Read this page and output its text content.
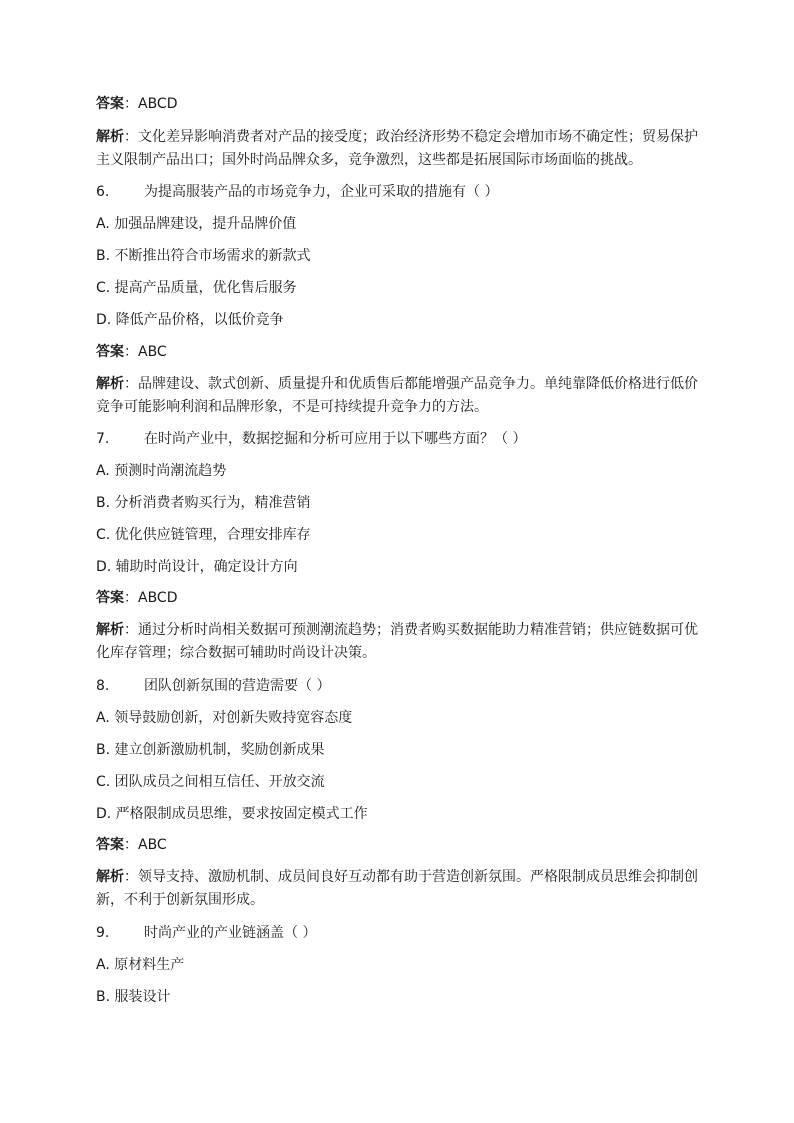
答案：ABCD
解析：文化差异影响消费者对产品的接受度；政治经济形势不稳定会增加市场不确定性；贸易保护主义限制产品出口；国外时尚品牌众多，竞争激烈，这些都是拓展国际市场面临的挑战。
6. 为提高服装产品的市场竞争力，企业可采取的措施有（ ）
A. 加强品牌建设，提升品牌价值
B. 不断推出符合市场需求的新款式
C. 提高产品质量，优化售后服务
D. 降低产品价格，以低价竞争
答案：ABC
解析：品牌建设、款式创新、质量提升和优质售后都能增强产品竞争力。单纯靠降低价格进行低价竞争可能影响利润和品牌形象，不是可持续提升竞争力的方法。
7. 在时尚产业中，数据挖掘和分析可应用于以下哪些方面？（ ）
A. 预测时尚潮流趋势
B. 分析消费者购买行为，精准营销
C. 优化供应链管理，合理安排库存
D. 辅助时尚设计，确定设计方向
答案：ABCD
解析：通过分析时尚相关数据可预测潮流趋势；消费者购买数据能助力精准营销；供应链数据可优化库存管理；综合数据可辅助时尚设计决策。
8. 团队创新氛围的营造需要（ ）
A. 领导鼓励创新，对创新失败持宽容态度
B. 建立创新激励机制，奖励创新成果
C. 团队成员之间相互信任、开放交流
D. 严格限制成员思维，要求按固定模式工作
答案：ABC
解析：领导支持、激励机制、成员间良好互动都有助于营造创新氛围。严格限制成员思维会抑制创新，不利于创新氛围形成。
9. 时尚产业的产业链涵盖（ ）
A. 原材料生产
B. 服装设计
